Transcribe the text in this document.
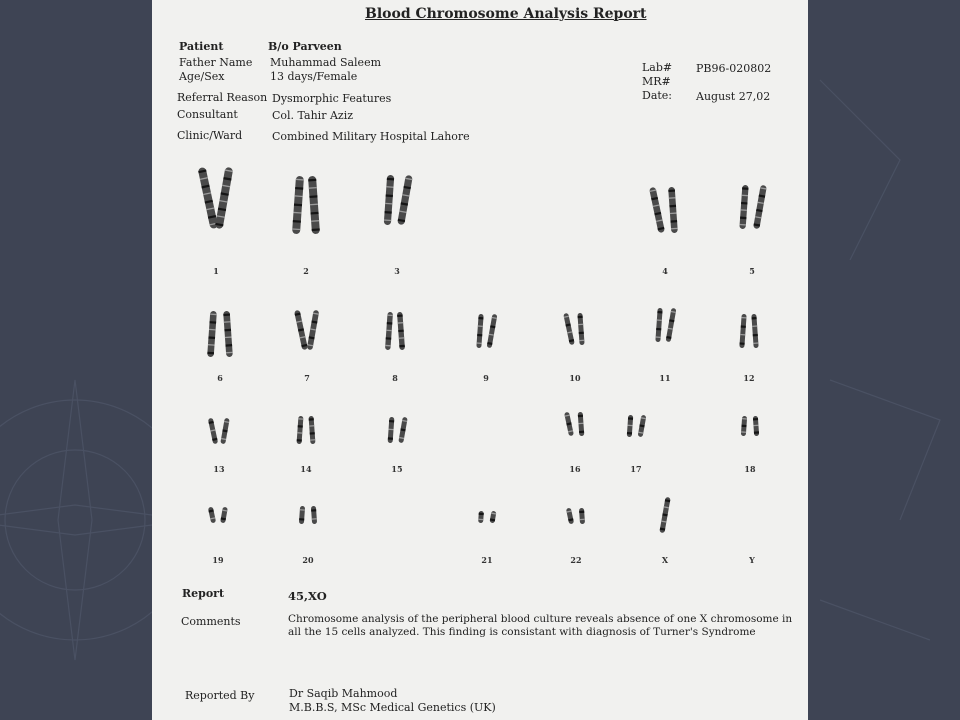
Blood Chromosome Analysis Report
Patient	B/o Parveen
Father Name Muhammad Saleem
Age/Sex	13 days/Female
Referral Reason Dysmorphic Features
Consultant	Col. Tahir Aziz
Clinic/Ward	Combined Military Hospital Lahore
Lab# PB96-020802
MR#
Date: August 27,02
1	2	3	4	5
6	7	8	9	10	11	12
13	14	15	16	17	18
19	20	21	22	X	Y
Report	45,XO
Comments	Chromosome analysis of the peripheral blood culture reveals absence of one X chromosome in
all the 15 cells analyzed. This finding is consistant with diagnosis of Turner's Syndrome
Reported By	Dr Saqib Mahmood
M.B.B.S, MSc Medical Genetics (UK)
